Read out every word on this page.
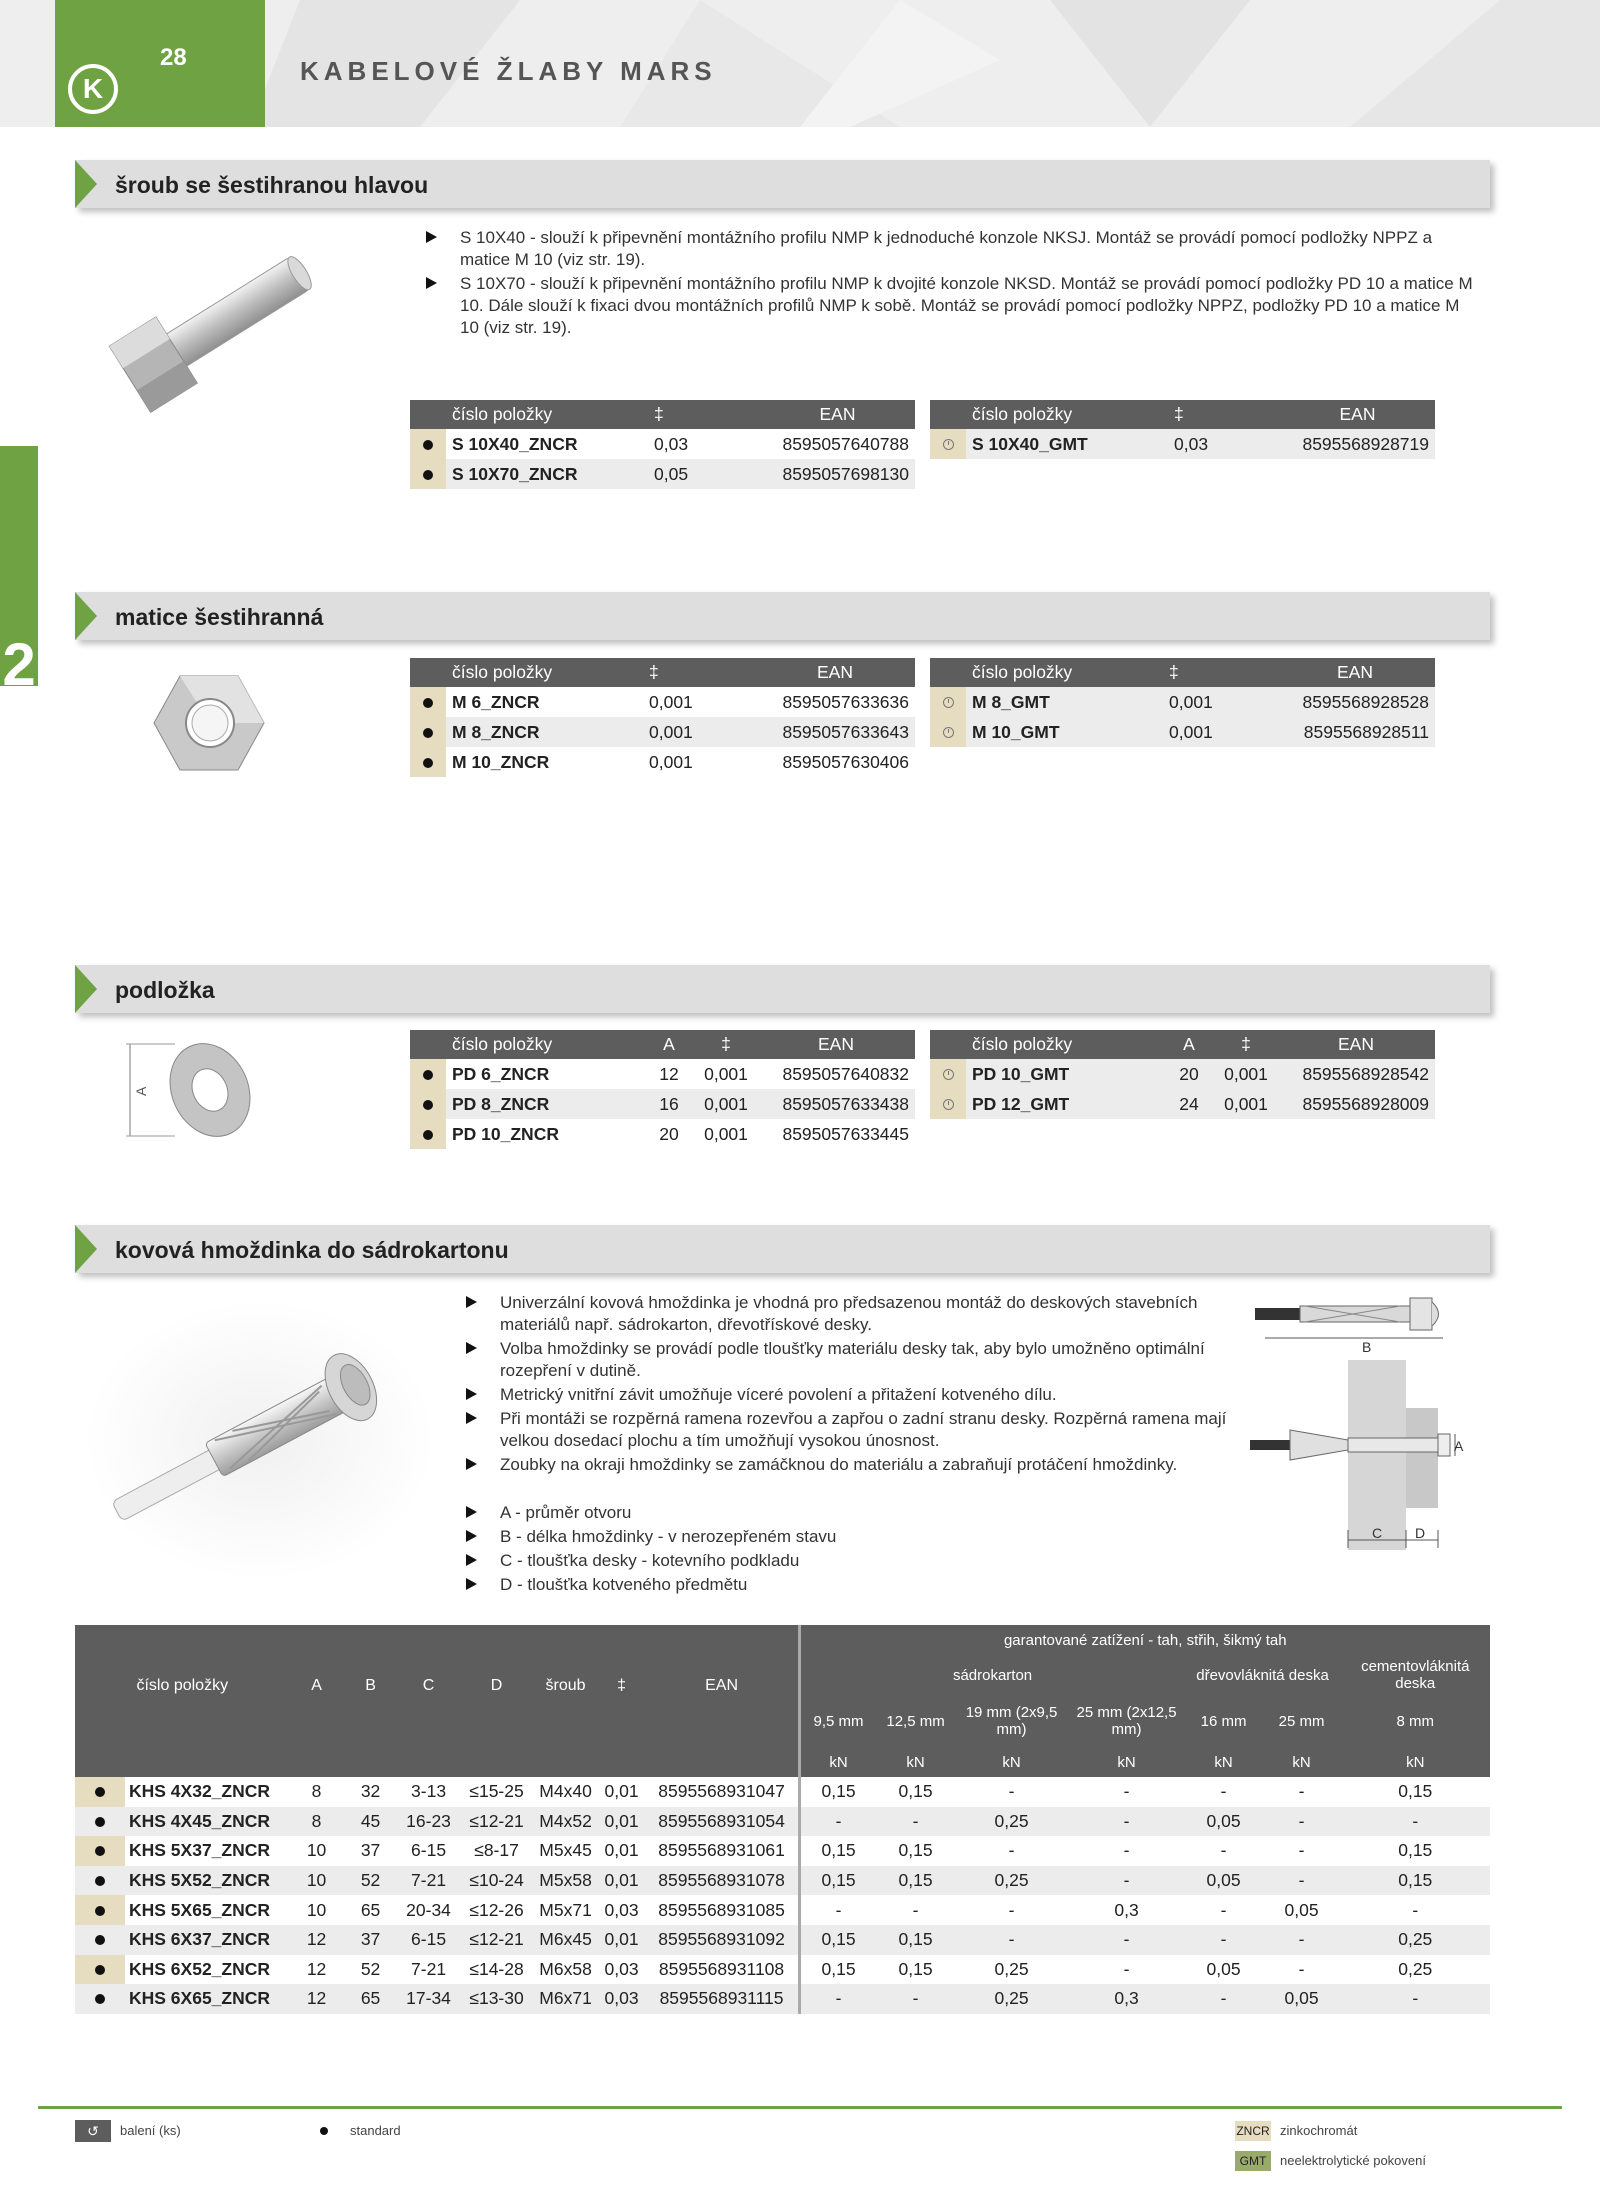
28
K
KABELOVÉ ŽLABY MARS
2
šroub se šestihranou hlavou
S 10X40 - slouží k připevnění montážního profilu NMP k jednoduché konzole NKSJ. Montáž se provádí pomocí podložky NPPZ a matice M 10 (viz str. 19).
S 10X70 - slouží k připevnění montážního profilu NMP k dvojité konzole NKSD. Montáž se provádí pomocí podložky PD 10 a matice M 10. Dále slouží k fixaci dvou montážních profilů NMP k sobě. Montáž se provádí pomocí podložky NPPZ, podložky PD 10 a matice M 10 (viz str. 19).
	číslo položky	‡	EAN
	S 10X40_ZNCR	0,03	8595057640788
	S 10X70_ZNCR	0,05	8595057698130
	číslo položky	‡	EAN
	S 10X40_GMT	0,03	8595568928719
matice šestihranná
	číslo položky	‡	EAN
	M 6_ZNCR	0,001	8595057633636
	M 8_ZNCR	0,001	8595057633643
	M 10_ZNCR	0,001	8595057630406
	číslo položky	‡	EAN
	M 8_GMT	0,001	8595568928528
	M 10_GMT	0,001	8595568928511
podložka
A
	číslo položky	A	‡	EAN
	PD 6_ZNCR	12	0,001	8595057640832
	PD 8_ZNCR	16	0,001	8595057633438
	PD 10_ZNCR	20	0,001	8595057633445
	číslo položky	A	‡	EAN
	PD 10_GMT	20	0,001	8595568928542
	PD 12_GMT	24	0,001	8595568928009
kovová hmoždinka do sádrokartonu
Univerzální kovová hmoždinka je vhodná pro předsazenou montáž do deskových stavebních materiálů např. sádrokarton, dřevotřískové desky.
Volba hmoždinky se provádí podle tloušťky materiálu desky tak, aby bylo umožněno optimální rozepření v dutině.
Metrický vnitřní závit umožňuje víceré povolení a přitažení kotveného dílu.
Při montáži se rozpěrná ramena rozevřou a zapřou o zadní stranu desky. Rozpěrná ramena mají velkou dosedací plochu a tím umožňují vysokou únosnost.
Zoubky na okraji hmoždinky se zamáčknou do materiálu a zabraňují protáčení hmoždinky.
A - průměr otvoru
B - délka hmoždinky - v nerozepřeném stavu
C - tloušťka desky - kotevního podkladu
D - tloušťka kotveného předmětu
B
A
C D
číslo položky		A	B	C	D	šroub	‡	EAN	garantované zatížení - tah, střih, šikmý tah						
									sádrokarton				dřevovláknitá deska		cementovláknitá deska
									9,5 mm	12,5 mm	19 mm (2x9,5 mm)	25 mm (2x12,5 mm)	16 mm	25 mm	8 mm
									kN	kN	kN	kN	kN	kN	kN
	KHS 4X32_ZNCR	8	32	3-13	≤15-25	M4x40	0,01	8595568931047	0,15	0,15	-	-	-	-	0,15
	KHS 4X45_ZNCR	8	45	16-23	≤12-21	M4x52	0,01	8595568931054	-	-	0,25	-	0,05	-	-
	KHS 5X37_ZNCR	10	37	6-15	≤8-17	M5x45	0,01	8595568931061	0,15	0,15	-	-	-	-	0,15
	KHS 5X52_ZNCR	10	52	7-21	≤10-24	M5x58	0,01	8595568931078	0,15	0,15	0,25	-	0,05	-	0,15
	KHS 5X65_ZNCR	10	65	20-34	≤12-26	M5x71	0,03	8595568931085	-	-	-	0,3	-	0,05	-
	KHS 6X37_ZNCR	12	37	6-15	≤12-21	M6x45	0,01	8595568931092	0,15	0,15	-	-	-	-	0,25
	KHS 6X52_ZNCR	12	52	7-21	≤14-28	M6x58	0,03	8595568931108	0,15	0,15	0,25	-	0,05	-	0,25
	KHS 6X65_ZNCR	12	65	17-34	≤13-30	M6x71	0,03	8595568931115	-	-	0,25	0,3	-	0,05	-
↺	balení (ks)	standard	ZNCR zinkochromát
GMT	neelektrolytické pokovení
